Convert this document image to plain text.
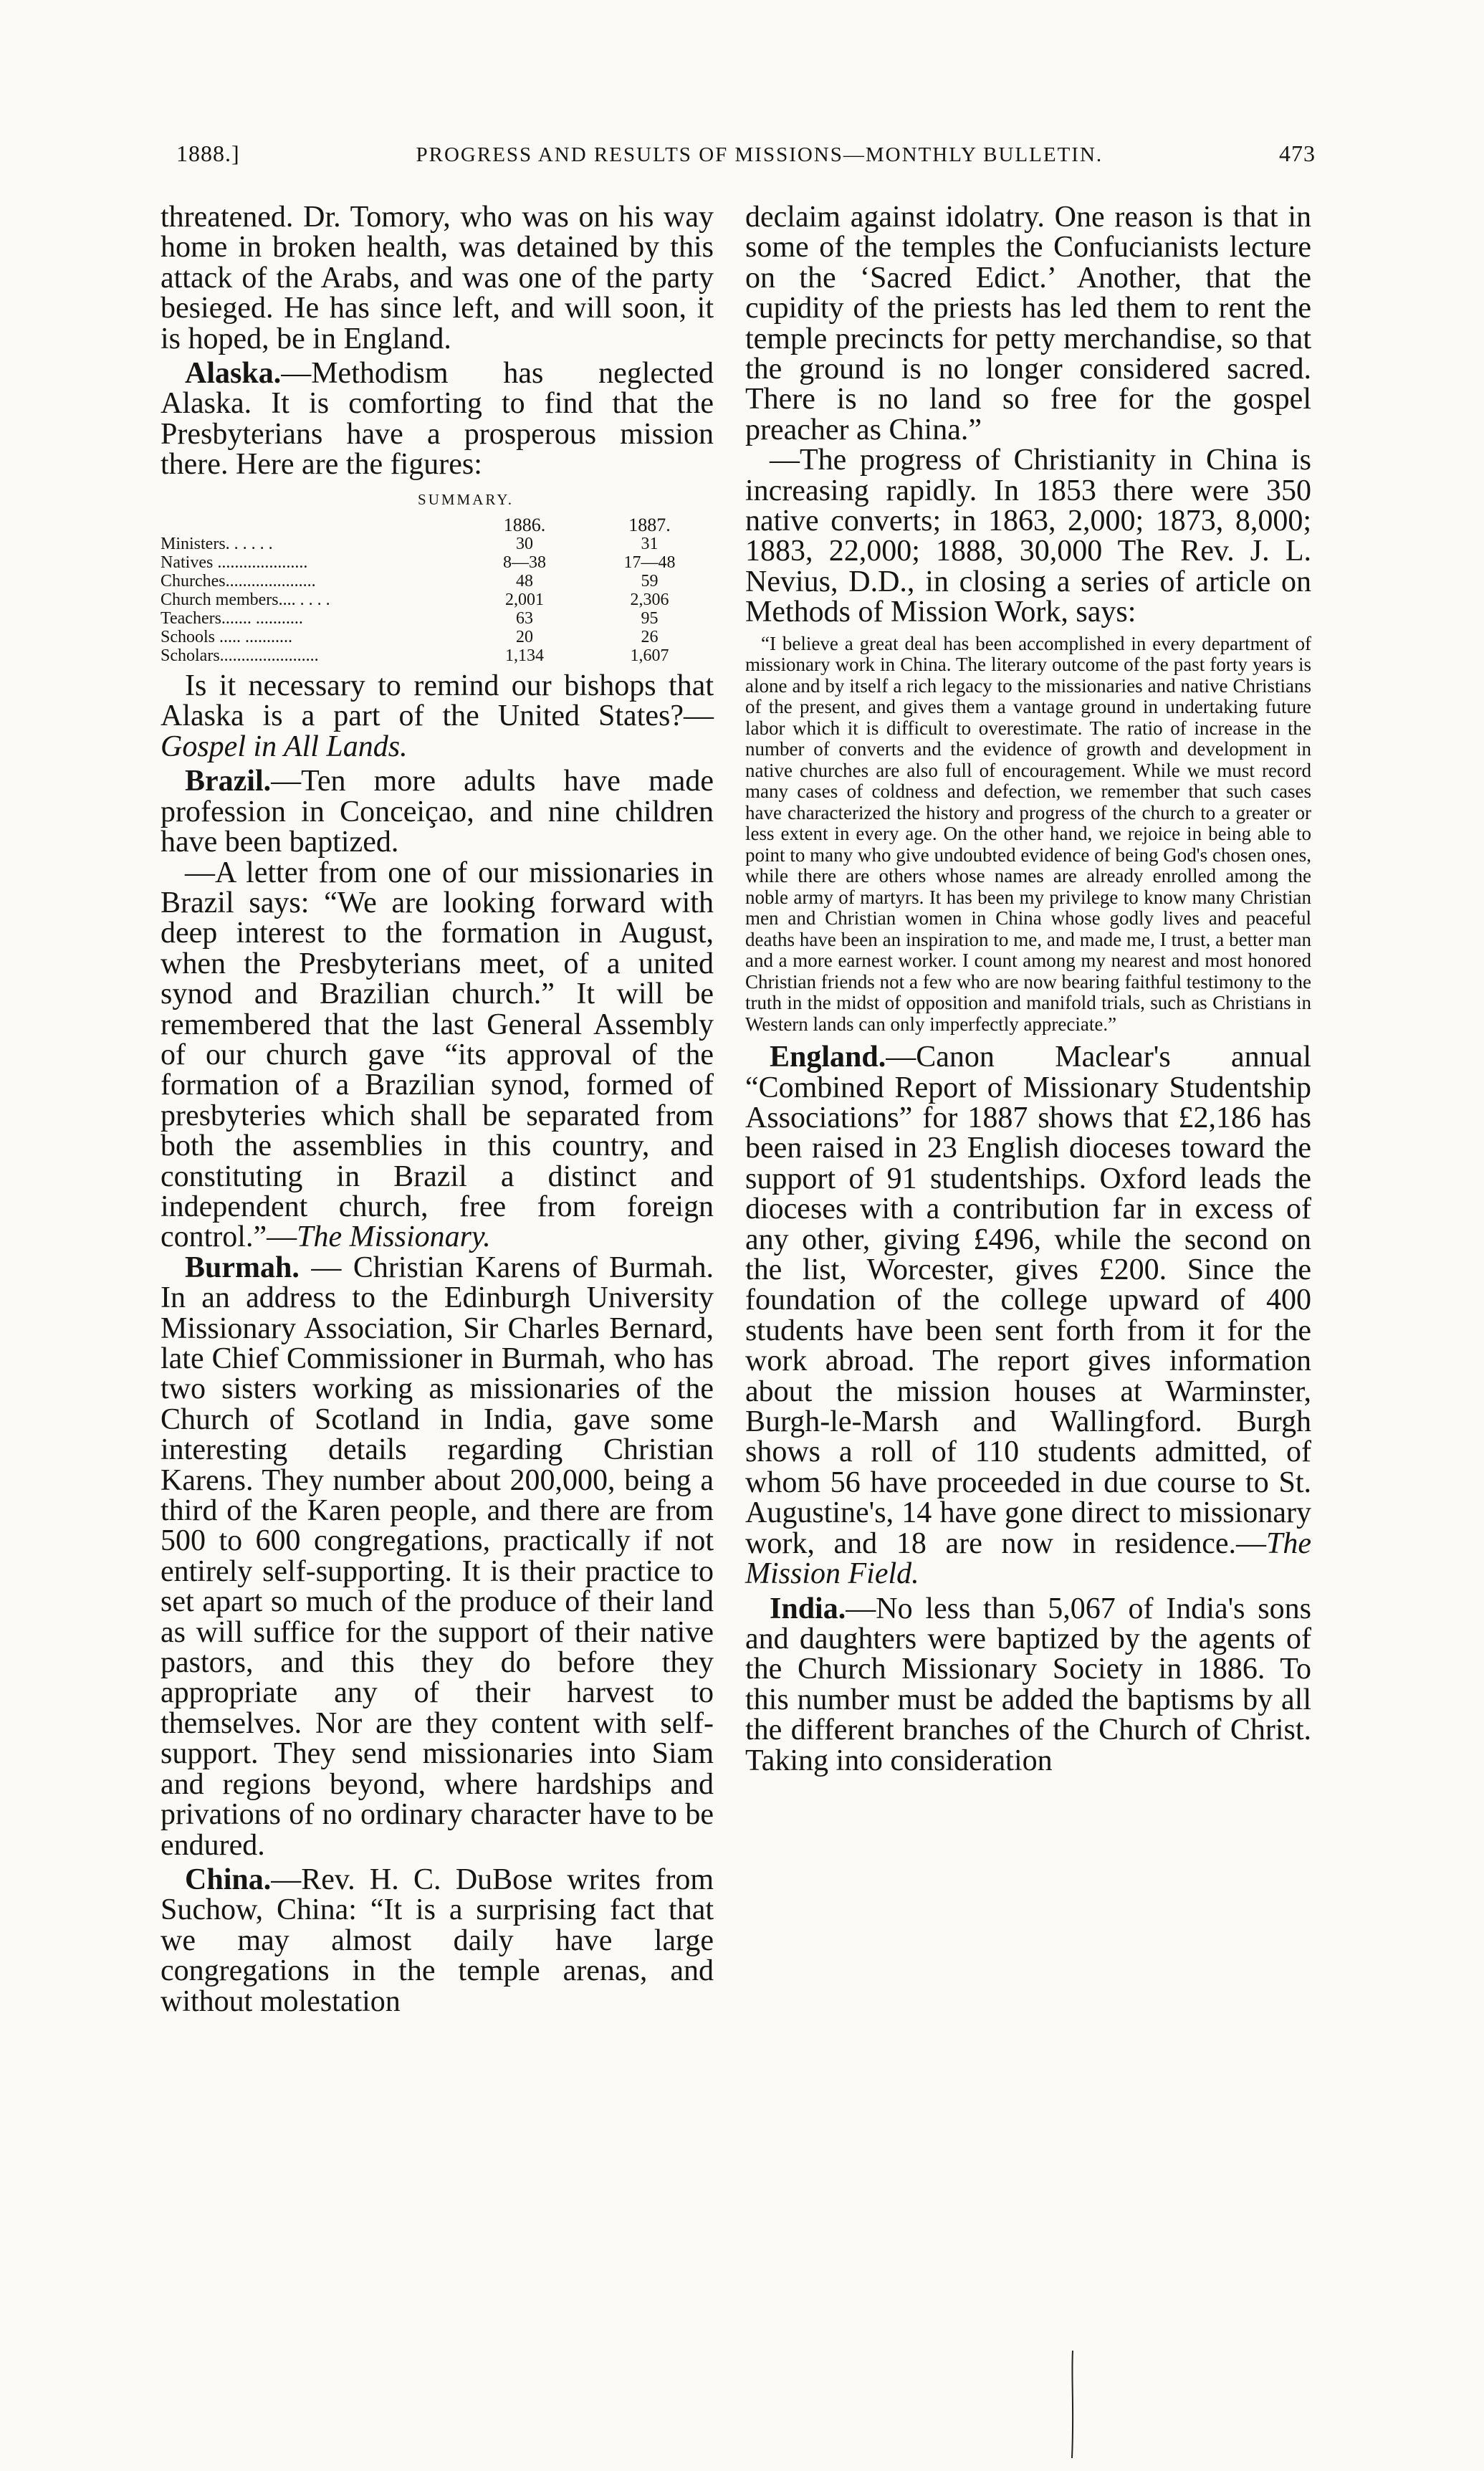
1888.]	PROGRESS AND RESULTS OF MISSIONS—MONTHLY BULLETIN.	473

threatened. Dr. Tomory, who was on his way home in broken health, was detained by this attack of the Arabs, and was one of the party besieged. He has since left, and will soon, it is hoped, be in England.

Alaska.—Methodism has neglected Alaska. It is comforting to find that the Presbyterians have a prosperous mission there. Here are the figures:

SUMMARY.
	1886.	1887.
Ministers. . . . . .	30	31
Natives .....................	8—38	17—48
Churches.....................	48	59
Church members.... . . . .	2,001	2,306
Teachers....... ...........	63	95
Schools ..... ...........	20	26
Scholars.......................	1,134	1,607

Is it necessary to remind our bishops that Alaska is a part of the United States?—Gospel in All Lands.

Brazil.—Ten more adults have made profession in Conceiçao, and nine children have been baptized.

—A letter from one of our missionaries in Brazil says: “We are looking forward with deep interest to the formation in August, when the Presbyterians meet, of a united synod and Brazilian church.” It will be remembered that the last General Assembly of our church gave “its approval of the formation of a Brazilian synod, formed of presbyteries which shall be separated from both the assemblies in this country, and constituting in Brazil a distinct and independent church, free from foreign control.”—The Missionary.

Burmah. — Christian Karens of Burmah. In an address to the Edinburgh University Missionary Association, Sir Charles Bernard, late Chief Commissioner in Burmah, who has two sisters working as missionaries of the Church of Scotland in India, gave some interesting details regarding Christian Karens. They number about 200,000, being a third of the Karen people, and there are from 500 to 600 congregations, practically if not entirely self-supporting. It is their practice to set apart so much of the produce of their land as will suffice for the support of their native pastors, and this they do before they appropriate any of their harvest to themselves. Nor are they content with self-support. They send missionaries into Siam and regions beyond, where hardships and privations of no ordinary character have to be endured.

China.—Rev. H. C. DuBose writes from Suchow, China: “It is a surprising fact that we may almost daily have large congregations in the temple arenas, and without molestation

declaim against idolatry. One reason is that in some of the temples the Confucianists lecture on the ‘Sacred Edict.’ Another, that the cupidity of the priests has led them to rent the temple precincts for petty merchandise, so that the ground is no longer considered sacred. There is no land so free for the gospel preacher as China.”

—The progress of Christianity in China is increasing rapidly. In 1853 there were 350 native converts; in 1863, 2,000; 1873, 8,000; 1883, 22,000; 1888, 30,000 The Rev. J. L. Nevius, D.D., in closing a series of article on Methods of Mission Work, says:

“I believe a great deal has been accomplished in every department of missionary work in China. The literary outcome of the past forty years is alone and by itself a rich legacy to the missionaries and native Christians of the present, and gives them a vantage ground in undertaking future labor which it is difficult to overestimate. The ratio of increase in the number of converts and the evidence of growth and development in native churches are also full of encouragement. While we must record many cases of coldness and defection, we remember that such cases have characterized the history and progress of the church to a greater or less extent in every age. On the other hand, we rejoice in being able to point to many who give undoubted evidence of being God's chosen ones, while there are others whose names are already enrolled among the noble army of martyrs. It has been my privilege to know many Christian men and Christian women in China whose godly lives and peaceful deaths have been an inspiration to me, and made me, I trust, a better man and a more earnest worker. I count among my nearest and most honored Christian friends not a few who are now bearing faithful testimony to the truth in the midst of opposition and manifold trials, such as Christians in Western lands can only imperfectly appreciate.”

England.—Canon Maclear's annual “Combined Report of Missionary Studentship Associations” for 1887 shows that £2,186 has been raised in 23 English dioceses toward the support of 91 studentships. Oxford leads the dioceses with a contribution far in excess of any other, giving £496, while the second on the list, Worcester, gives £200. Since the foundation of the college upward of 400 students have been sent forth from it for the work abroad. The report gives information about the mission houses at Warminster, Burgh-le-Marsh and Wallingford. Burgh shows a roll of 110 students admitted, of whom 56 have proceeded in due course to St. Augustine's, 14 have gone direct to missionary work, and 18 are now in residence.—The Mission Field.

India.—No less than 5,067 of India's sons and daughters were baptized by the agents of the Church Missionary Society in 1886. To this number must be added the baptisms by all the different branches of the Church of Christ. Taking into consideration
